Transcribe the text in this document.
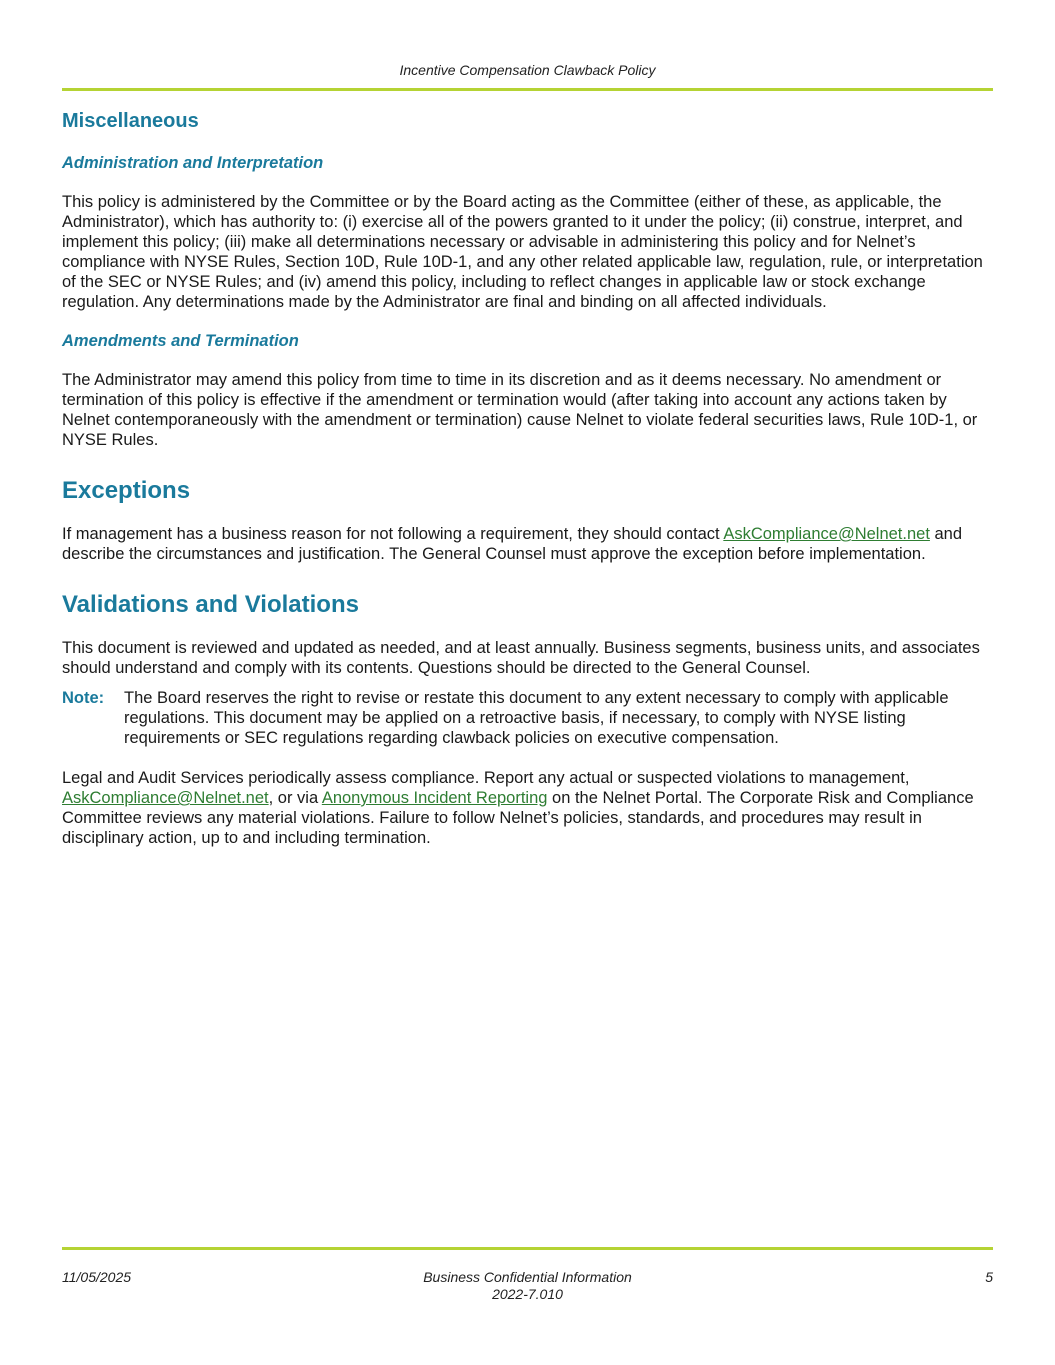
Incentive Compensation Clawback Policy
Miscellaneous
Administration and Interpretation

This policy is administered by the Committee or by the Board acting as the Committee (either of these, as applicable, the Administrator), which has authority to: (i) exercise all of the powers granted to it under the policy; (ii) construe, interpret, and implement this policy; (iii) make all determinations necessary or advisable in administering this policy and for Nelnet’s compliance with NYSE Rules, Section 10D, Rule 10D-1, and any other related applicable law, regulation, rule, or interpretation of the SEC or NYSE Rules; and (iv) amend this policy, including to reflect changes in applicable law or stock exchange regulation. Any determinations made by the Administrator are final and binding on all affected individuals.

Amendments and Termination

The Administrator may amend this policy from time to time in its discretion and as it deems necessary. No amendment or termination of this policy is effective if the amendment or termination would (after taking into account any actions taken by Nelnet contemporaneously with the amendment or termination) cause Nelnet to violate federal securities laws, Rule 10D-1, or NYSE Rules.

Exceptions

If management has a business reason for not following a requirement, they should contact AskCompliance@Nelnet.net and describe the circumstances and justification. The General Counsel must approve the exception before implementation.

Validations and Violations

This document is reviewed and updated as needed, and at least annually. Business segments, business units, and associates should understand and comply with its contents. Questions should be directed to the General Counsel.

Note:	The Board reserves the right to revise or restate this document to any extent necessary to comply with applicable regulations. This document may be applied on a retroactive basis, if necessary, to comply with NYSE listing requirements or SEC regulations regarding clawback policies on executive compensation.

Legal and Audit Services periodically assess compliance. Report any actual or suspected violations to management, AskCompliance@Nelnet.net, or via Anonymous Incident Reporting on the Nelnet Portal. The Corporate Risk and Compliance Committee reviews any material violations. Failure to follow Nelnet’s policies, standards, and procedures may result in disciplinary action, up to and including termination.

11/05/2025	Business Confidential Information
2022-7.010
5
